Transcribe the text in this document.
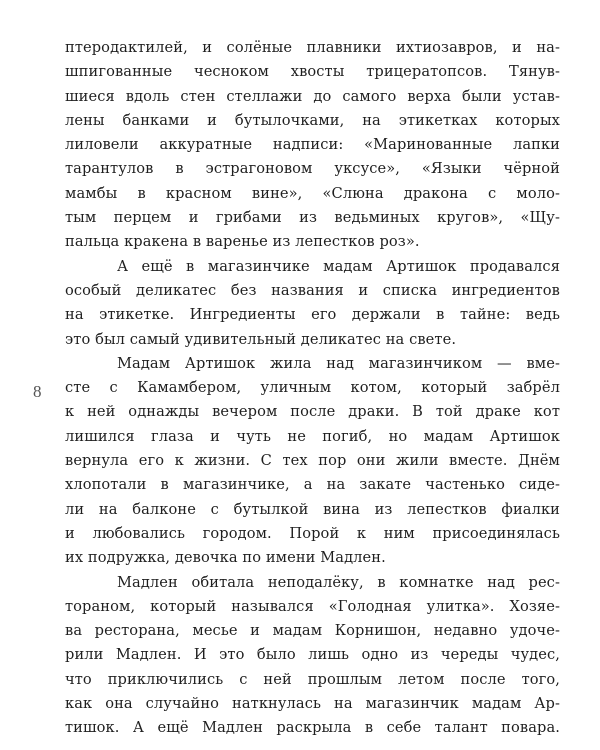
8

птеродактилей, и солёные плавники ихтиозавров, и на-
шпигованные чесноком хвосты трицератопсов. Тянув-
шиеся вдоль стен стеллажи до самого верха были устав-
лены банками и бутылочками, на этикетках которых
лиловели аккуратные надписи: «Маринованные лапки
тарантулов в эстрагоновом уксусе», «Языки чёрной
мамбы в красном вине», «Слюна дракона с моло-
тым перцем и грибами из ведьминых кругов», «Щу-
пальца кракена в варенье из лепестков роз».

А ещё в магазинчике мадам Артишок продавался
особый деликатес без названия и списка ингредиентов
на этикетке. Ингредиенты его держали в тайне: ведь
это был самый удивительный деликатес на свете.

Мадам Артишок жила над магазинчиком — вме-
сте с Камамбером, уличным котом, который забрёл
к ней однажды вечером после драки. В той драке кот
лишился глаза и чуть не погиб, но мадам Артишок
вернула его к жизни. С тех пор они жили вместе. Днём
хлопотали в магазинчике, а на закате частенько сиде-
ли на балконе с бутылкой вина из лепестков фиалки
и любовались городом. Порой к ним присоединялась
их подружка, девочка по имени Мадлен.

Мадлен обитала неподалёку, в комнатке над рес-
тораном, который назывался «Голодная улитка». Хозяе-
ва ресторана, месье и мадам Корнишон, недавно удоче-
рили Мадлен. И это было лишь одно из череды чудес,
что приключились с ней прошлым летом после того,
как она случайно наткнулась на магазинчик мадам Ар-
тишок. А ещё Мадлен раскрыла в себе талант повара.
